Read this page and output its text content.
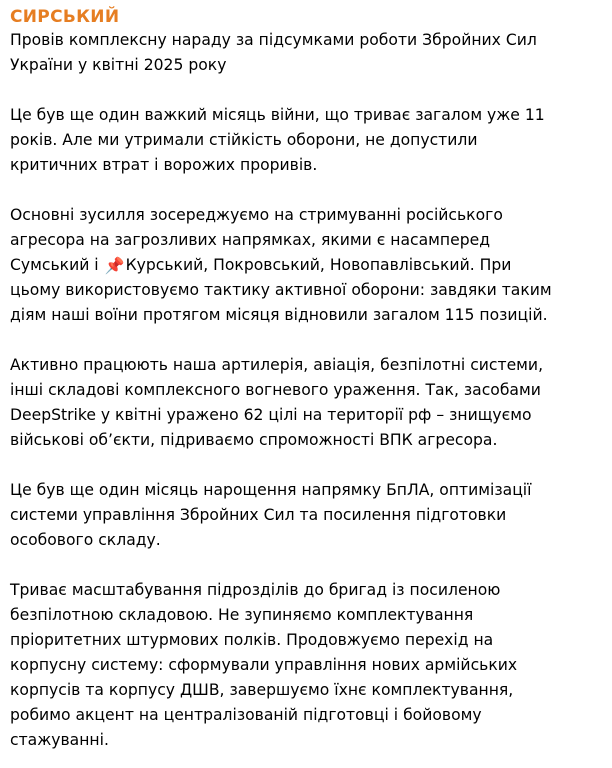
СИРСЬКИЙ
Провів комплексну нараду за підсумками роботи Збройних Сил
України у квітні 2025 року
Це був ще один важкий місяць війни, що триває загалом уже 11
років. Але ми утримали стійкість оборони, не допустили
критичних втрат і ворожих проривів.
Основні зусилля зосереджуємо на стримуванні російського
агресора на загрозливих напрямках, якими є насамперед
Сумський і 📌Курський, Покровський, Новопавлівський. При
цьому використовуємо тактику активної оборони: завдяки таким
діям наші воїни протягом місяця відновили загалом 115 позицій.
Активно працюють наша артилерія, авіація, безпілотні системи,
інші складові комплексного вогневого ураження. Так, засобами
DeepStrike у квітні уражено 62 цілі на території рф – знищуємо
військові об’єкти, підриваємо спроможності ВПК агресора.
Це був ще один місяць нарощення напрямку БпЛА, оптимізації
системи управління Збройних Сил та посилення підготовки
особового складу.
Триває масштабування підрозділів до бригад із посиленою
безпілотною складовою. Не зупиняємо комплектування
пріоритетних штурмових полків. Продовжуємо перехід на
корпусну систему: сформували управління нових армійських
корпусів та корпусу ДШВ, завершуємо їхнє комплектування,
робимо акцент на централізованій підготовці і бойовому
стажуванні.
